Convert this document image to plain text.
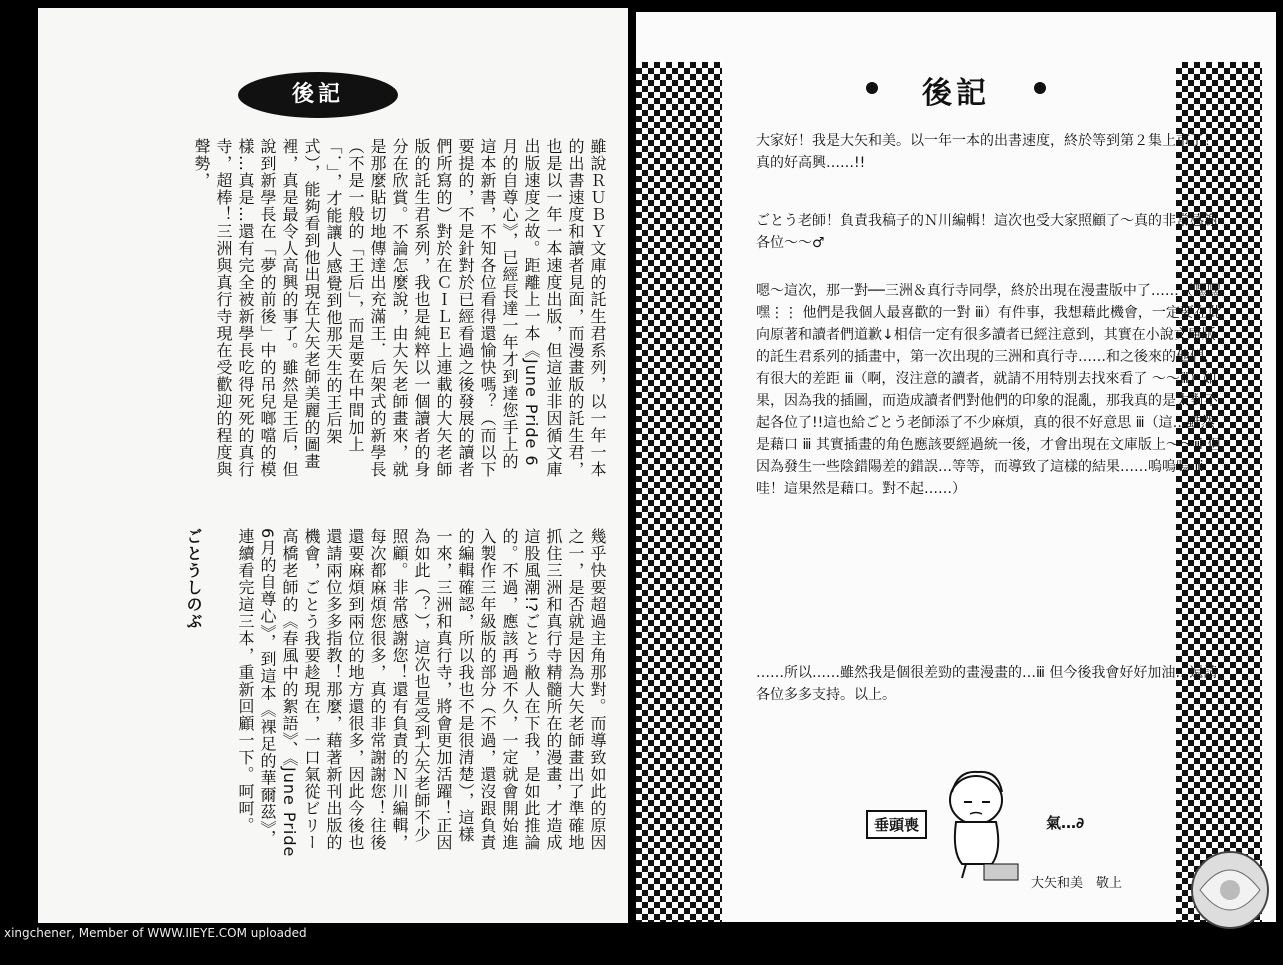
後記

雖說ＲＵＢＹ文庫的託生君系列，以一年一本的出書速度和讀者見面，而漫畫版的託生君，也是以一年一本速度出版，但這並非因循文庫出版速度之故。距離上一本《June Pride 6月的自尊心》，已經長達一年才到達您手上的這本新書，不知各位看得還愉快嗎？（而以下要提的，不是針對於已經看過之後發展的讀者們所寫的）對於在ＣＩＬＥ上連載的大矢老師版的託生君系列，我也是純粹以一個讀者的身分在欣賞。不論怎麼說，由大矢老師畫來，就是那麼貼切地傳達出充滿王．后架式的新學長（不是一般的「王后」，而是要在中間加上「．」，才能讓人感覺到他那天生的王后架式），能夠看到他出現在大矢老師美麗的圖畫裡，真是最令人高興的事了。雖然是王后，但說到新學長在「夢的前後」中的吊兒啷噹的模樣…真是…還有完全被新學長吃得死死的真行寺，超棒！三洲與真行寺現在受歡迎的程度與聲勢，

幾乎快要超過主角那對。而導致如此的原因之一，是否就是因為大矢老師畫出了準確地抓住三洲和真行寺精髓所在的漫畫，才造成這股風潮!?ごとう敝人在下我，是如此推論的。不過，應該再過不久，一定就會開始進入製作三年級版的部分（不過，還沒跟負責的編輯確認，所以我也不是很清楚），這樣一來，三洲和真行寺，將會更加活躍！正因為如此（？），這次也是受到大矢老師不少照顧。非常感謝您！還有負責的Ｎ川編輯，每次都麻煩您很多，真的非常謝謝您！往後還要麻煩到兩位的地方還很多，因此今後也還請兩位多多指教！那麼，藉著新刊出版的機會，ごとう我要趁現在，一口氣從ビリー高橋老師的《春風中的絮語》、《June Pride 6月的自尊心》，到這本《裸足的華爾茲》，連續看完這三本，重新回顧一下。呵呵。

ごとうしのぶ

後記
大家好！我是大矢和美。以一年一本的出書速度，終於等到第２集上市了！真的好高興……!!
ごとう老師！負責我稿子的Ｎ川編輯！這次也受大家照顧了～真的非常感謝各位～～♂
嗯～這次，那一對──三洲＆真行寺同學，終於出現在漫畫版中了……（嘿嘿嘿⋮⋮ 他們是我個人最喜歡的一對 ⅲ）有件事，我想藉此機會，一定要在此向原著和讀者們道歉↓相信一定有很多讀者已經注意到，其實在小說文庫版的託生君系列的插畫中，第一次出現的三洲和真行寺……和之後來的他們，有很大的差距 ⅲ（啊，沒注意的讀者，就請不用特別去找來看了 ～～ⅲ）如果，因為我的插圖，而造成讀者們對他們的印象的混亂，那我真的是太對不起各位了!!這也給ごとう老師添了不少麻煩，真的很不好意思 ⅲ（這…雖然是藉口 ⅲ 其實插畫的角色應該要經過統一後，才會出現在文庫版上～～ⅲ 但因為發生一些陰錯陽差的錯誤…等等，而導致了這樣的結果……嗚嗚嗚 ⅲ 哇！這果然是藉口。對不起……）
……所以……雖然我是個很差勁的畫漫畫的…ⅲ 但今後我會好好加油…還請各位多多支持。以上。
垂頭喪	氣…∂
大矢和美　敬上
xingchener, Member of WWW.IIEYE.COM uploaded
